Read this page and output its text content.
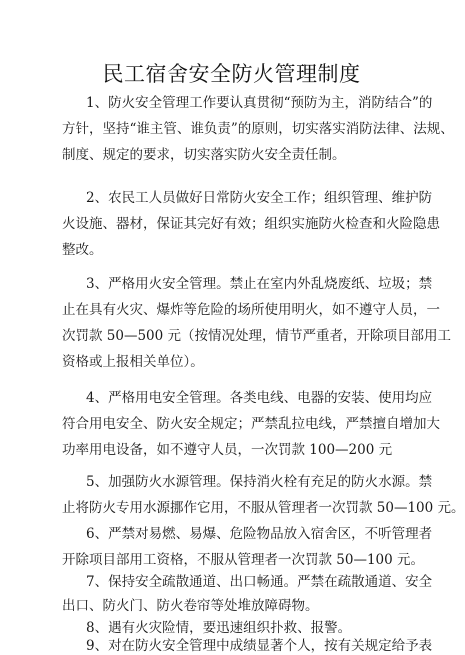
民工宿舍安全防火管理制度
1、防火安全管理工作要认真贯彻“预防为主，消防结合”的
方针，坚持“谁主管、谁负责”的原则，切实落实消防法律、法规、
制度、规定的要求，切实落实防火安全责任制。
2、农民工人员做好日常防火安全工作；组织管理、维护防
火设施、器材，保证其完好有效；组织实施防火检查和火险隐患
整改。
3、严格用火安全管理。禁止在室内外乱烧废纸、垃圾；禁
止在具有火灾、爆炸等危险的场所使用明火，如不遵守人员，一
次罚款 50—500 元（按情况处理，情节严重者，开除项目部用工
资格或上报相关单位）。
4、严格用电安全管理。各类电线、电器的安装、使用均应
符合用电安全、防火安全规定；严禁乱拉电线，严禁擅自增加大
功率用电设备，如不遵守人员，一次罚款 100—200 元
5、加强防火水源管理。保持消火栓有充足的防火水源。禁
止将防火专用水源挪作它用，不服从管理者一次罚款 50—100 元。
6、严禁对易燃、易爆、危险物品放入宿舍区，不听管理者
开除项目部用工资格，不服从管理者一次罚款 50—100 元。
7、保持安全疏散通道、出口畅通。严禁在疏散通道、安全
出口、防火门、防火卷帘等处堆放障碍物。
8、遇有火灾险情，要迅速组织扑救、报警。
9、对在防火安全管理中成绩显著个人，按有关规定给予表
